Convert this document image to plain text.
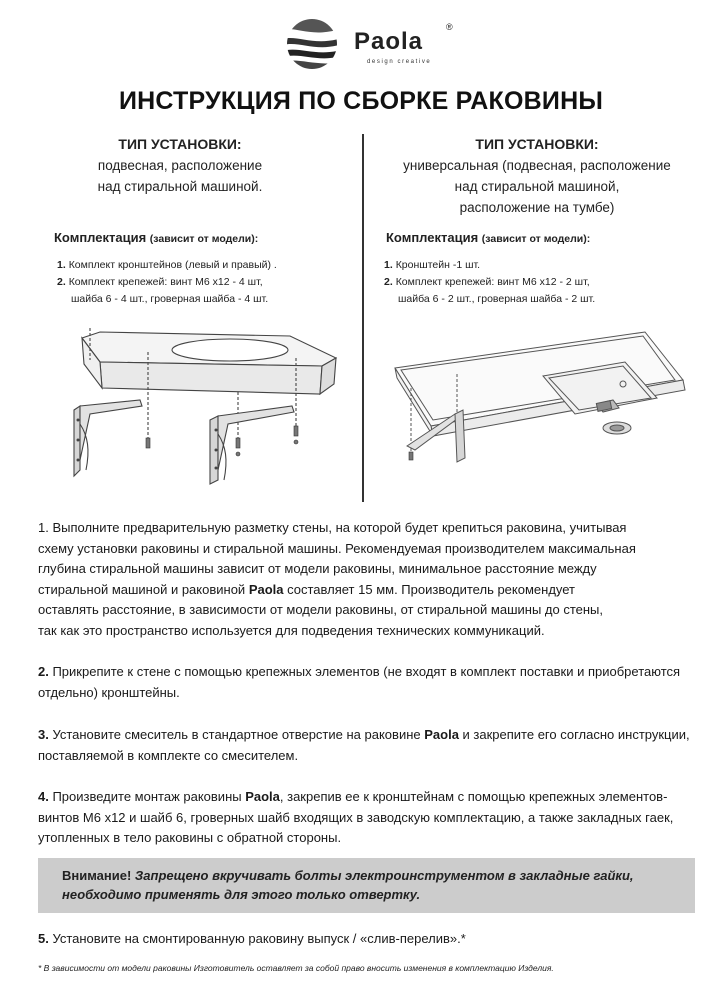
Paola
®
design creative
ИНСТРУКЦИЯ ПО СБОРКЕ РАКОВИНЫ
ТИП УСТАНОВКИ:
подвесная, расположение
над стиральной машиной.
ТИП УСТАНОВКИ:
универсальная (подвесная, расположение
над стиральной машиной,
расположение на тумбе)
Комплектация (зависит от модели):	Комплектация (зависит от модели):
1. Комплект кронштейнов (левый и правый) .
2. Комплект крепежей: винт М6 х12 - 4 шт,
шайба 6 - 4 шт., гроверная шайба - 4 шт.
1. Кронштейн -1 шт.
2. Комплект крепежей: винт М6 х12 - 2 шт,
шайба 6 - 2 шт., гроверная шайба - 2 шт.
1. Выполните предварительную разметку стены, на которой будет крепиться раковина, учитывая
схему установки раковины и стиральной машины. Рекомендуемая производителем максимальная
глубина стиральной машины зависит от модели раковины, минимальное расстояние между
стиральной машиной и раковиной Paola составляет 15 мм. Производитель рекомендует
оставлять расстояние, в зависимости от модели раковины, от стиральной машины до стены,
так как это пространство используется для подведения технических коммуникаций.
2. Прикрепите к стене с помощью крепежных элементов (не входят в комплект поставки и приобретаются отдельно) кронштейны.
3. Установите смеситель в стандартное отверстие на раковине Paola и закрепите его согласно инструкции, поставляемой в комплекте со смесителем.
4. Произведите монтаж раковины Paola, закрепив ее к кронштейнам с помощью крепежных элементов- винтов М6 х12 и шайб 6, гроверных шайб входящих в заводскую комплектацию, а также закладных гаек, утопленных в тело раковины с обратной стороны.
Внимание! Запрещено вкручивать болты электроинструментом в закладные гайки, необходимо применять для этого только отвертку.
5. Установите на смонтированную раковину выпуск / «слив-перелив».*
* В зависимости от модели раковины Изготовитель оставляет за собой право вносить изменения в комплектацию Изделия.
